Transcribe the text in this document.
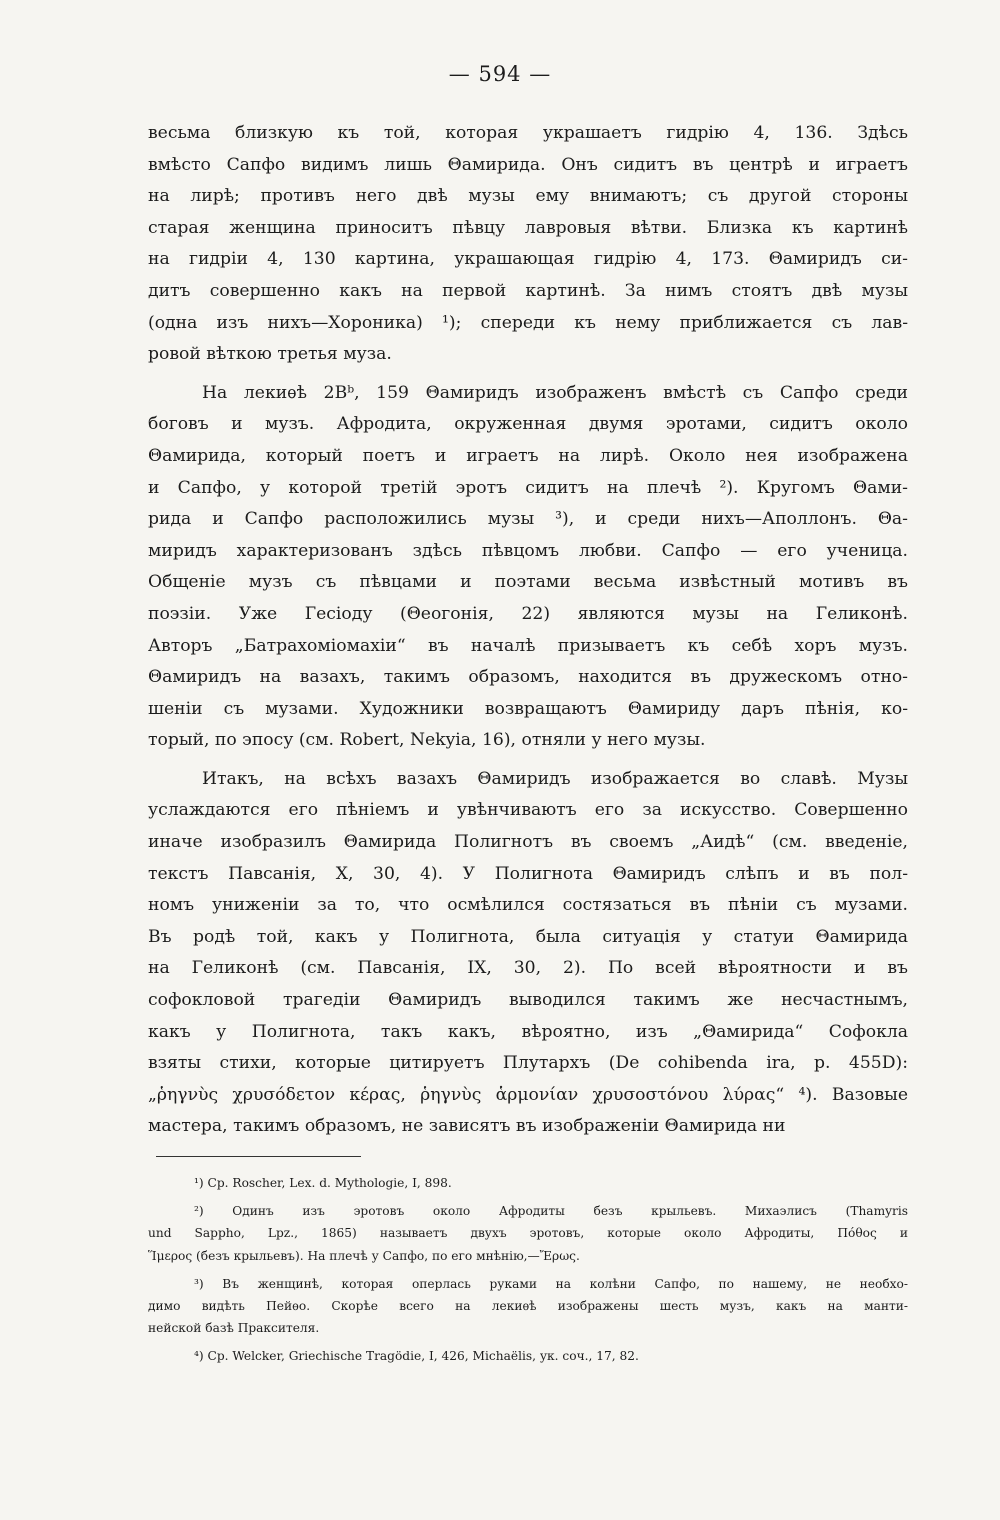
— 594 —
весьма близкую къ той, которая украшаетъ гидрію 4, 136. Здѣсь
вмѣсто Сапфо видимъ лишь Θамирида. Онъ сидитъ въ центрѣ и играетъ
на лирѣ; противъ него двѣ музы ему внимаютъ; съ другой стороны
старая женщина приноситъ пѣвцу лавровыя вѣтви. Близка къ картинѣ
на гидріи 4, 130 картина, украшающая гидрію 4, 173. Θамиридъ си-
дитъ совершенно какъ на первой картинѣ. За нимъ стоятъ двѣ музы
(одна изъ нихъ—Хороника) ¹); спереди къ нему приближается съ лав-
ровой вѣткою третья муза.
На лекиѳѣ 2Bᵇ, 159 Θамиридъ изображенъ вмѣстѣ съ Сапфо среди
боговъ и музъ. Афродита, окруженная двумя эротами, сидитъ около
Θамирида, который поетъ и играетъ на лирѣ. Около нея изображена
и Сапфо, у которой третій эротъ сидитъ на плечѣ ²). Кругомъ Θами-
рида и Сапфо расположились музы ³), и среди нихъ—Аполлонъ. Θа-
миридъ характеризованъ здѣсь пѣвцомъ любви. Сапфо — его ученица.
Общеніе музъ съ пѣвцами и поэтами весьма извѣстный мотивъ въ
поэзіи. Уже Гесіоду (Θеогонія, 22) являются музы на Геликонѣ.
Авторъ „Батрахоміомахіи“ въ началѣ призываетъ къ себѣ хоръ музъ.
Θамиридъ на вазахъ, такимъ образомъ, находится въ дружескомъ отно-
шеніи съ музами. Художники возвращаютъ Θамириду даръ пѣнія, ко-
торый, по эпосу (см. Robert, Nekyia, 16), отняли у него музы.
Итакъ, на всѣхъ вазахъ Θамиридъ изображается во славѣ. Музы
услаждаются его пѣніемъ и увѣнчиваютъ его за искусство. Совершенно
иначе изобразилъ Θамирида Полигнотъ въ своемъ „Аидѣ“ (см. введеніе,
текстъ Павсанія, X, 30, 4). У Полигнота Θамиридъ слѣпъ и въ пол-
номъ униженіи за то, что осмѣлился состязаться въ пѣніи съ музами.
Въ родѣ той, какъ у Полигнота, была ситуація у статуи Θамирида
на Геликонѣ (см. Павсанія, IX, 30, 2). По всей вѣроятности и въ
софокловой трагедіи Θамиридъ выводился такимъ же несчастнымъ,
какъ у Полигнота, такъ какъ, вѣроятно, изъ „Θамирида“ Софокла
взяты стихи, которые цитируетъ Плутархъ (De cohibenda ira, p. 455D):
„ῥηγνὺς χρυσόδετον κέρας, ῥηγνὺς ἁρμονίαν χρυσοστόνου λύρας“ ⁴). Вазовые
мастера, такимъ образомъ, не зависятъ въ изображеніи Θамирида ни
¹) Ср. Roscher, Lex. d. Mythologie, I, 898.
²) Одинъ изъ эротовъ около Афродиты безъ крыльевъ. Михаэлисъ (Thamyris
und Sappho, Lpz., 1865) называетъ двухъ эротовъ, которые около Афродиты, Πόθος и
Ἵμερος (безъ крыльевъ). На плечѣ у Сапфо, по его мнѣнію,—Ἔρως.
³) Въ женщинѣ, которая оперлась руками на колѣни Сапфо, по нашему, не необхо-
димо видѣть Пейѳо. Скорѣе всего на лекиѳѣ изображены шесть музъ, какъ на манти-
нейской базѣ Праксителя.
⁴) Ср. Welcker, Griechische Tragödie, I, 426, Michaëlis, ук. соч., 17, 82.
